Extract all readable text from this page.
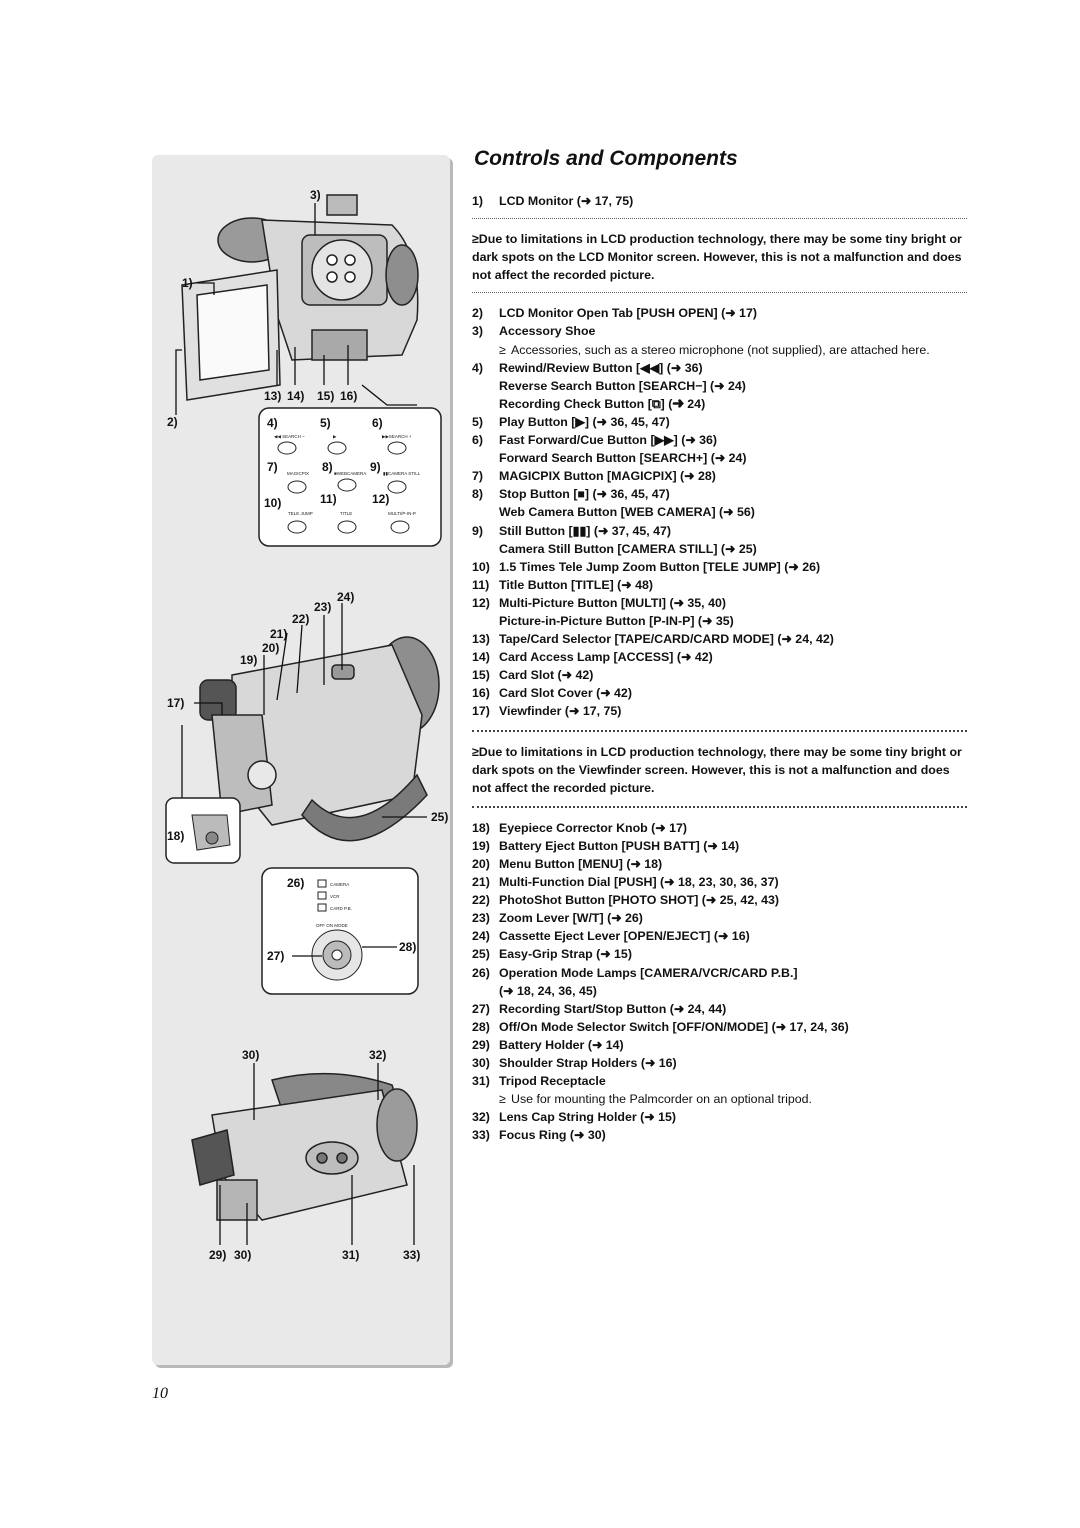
3)
1)
2)
13) 14) 15) 16)
4)	5)	6)
◀◀ SEARCH –	▶	▶▶SEARCH +
7)	8)	9)
MAGICPIX	■WEBCAMERA	▮▮CAMERA STILL
10)	11)	12)
TELE JUMP	TITLE	MULTI/P-IN-P
24)
23)
22)
21)
20)
19)
17)
25)
18)
CAMERA
VCR
CARD P.B.
OFF ON MODE
26)
27)
28)
30)	32)
29) 30)	31)	33)
Controls and Components
1)	LCD Monitor (➜ 17, 75)
≥Due to limitations in LCD production technology, there may be some tiny bright or dark spots on the LCD Monitor screen. However, this is not a malfunction and does not affect the recorded picture.
2)	LCD Monitor Open Tab [PUSH OPEN] (➜ 17)
3)	Accessory Shoe
≥ Accessories, such as a stereo microphone (not supplied), are attached here.
4)	Rewind/Review Button [◀◀] (➜ 36)
Reverse Search Button [SEARCH−] (➜ 24)
Recording Check Button [⧉] (➜ 24)
5)	Play Button [▶] (➜ 36, 45, 47)
6)	Fast Forward/Cue Button [▶▶] (➜ 36)
Forward Search Button [SEARCH+] (➜ 24)
7)	MAGICPIX Button [MAGICPIX] (➜ 28)
8)	Stop Button [■] (➜ 36, 45, 47)
Web Camera Button [WEB CAMERA] (➜ 56)
9)	Still Button [▮▮] (➜ 37, 45, 47)
Camera Still Button [CAMERA STILL] (➜ 25)
10) 1.5 Times Tele Jump Zoom Button [TELE JUMP] (➜ 26)
11) Title Button [TITLE] (➜ 48)
12) Multi-Picture Button [MULTI] (➜ 35, 40)
Picture-in-Picture Button [P-IN-P] (➜ 35)
13) Tape/Card Selector [TAPE/CARD/CARD MODE] (➜ 24, 42)
14) Card Access Lamp [ACCESS] (➜ 42)
15) Card Slot (➜ 42)
16) Card Slot Cover (➜ 42)
17) Viewfinder (➜ 17, 75)
≥Due to limitations in LCD production technology, there may be some tiny bright or dark spots on the Viewfinder screen. However, this is not a malfunction and does not affect the recorded picture.
18) Eyepiece Corrector Knob (➜ 17)
19) Battery Eject Button [PUSH BATT] (➜ 14)
20) Menu Button [MENU] (➜ 18)
21) Multi-Function Dial [PUSH] (➜ 18, 23, 30, 36, 37)
22) PhotoShot Button [PHOTO SHOT] (➜ 25, 42, 43)
23) Zoom Lever [W/T] (➜ 26)
24) Cassette Eject Lever [OPEN/EJECT] (➜ 16)
25) Easy-Grip Strap (➜ 15)
26) Operation Mode Lamps [CAMERA/VCR/CARD P.B.]
(➜ 18, 24, 36, 45)
27) Recording Start/Stop Button (➜ 24, 44)
28) Off/On Mode Selector Switch [OFF/ON/MODE] (➜ 17, 24, 36)
29) Battery Holder (➜ 14)
30) Shoulder Strap Holders (➜ 16)
31) Tripod Receptacle
≥ Use for mounting the Palmcorder on an optional tripod.
32) Lens Cap String Holder (➜ 15)
33) Focus Ring (➜ 30)
10
